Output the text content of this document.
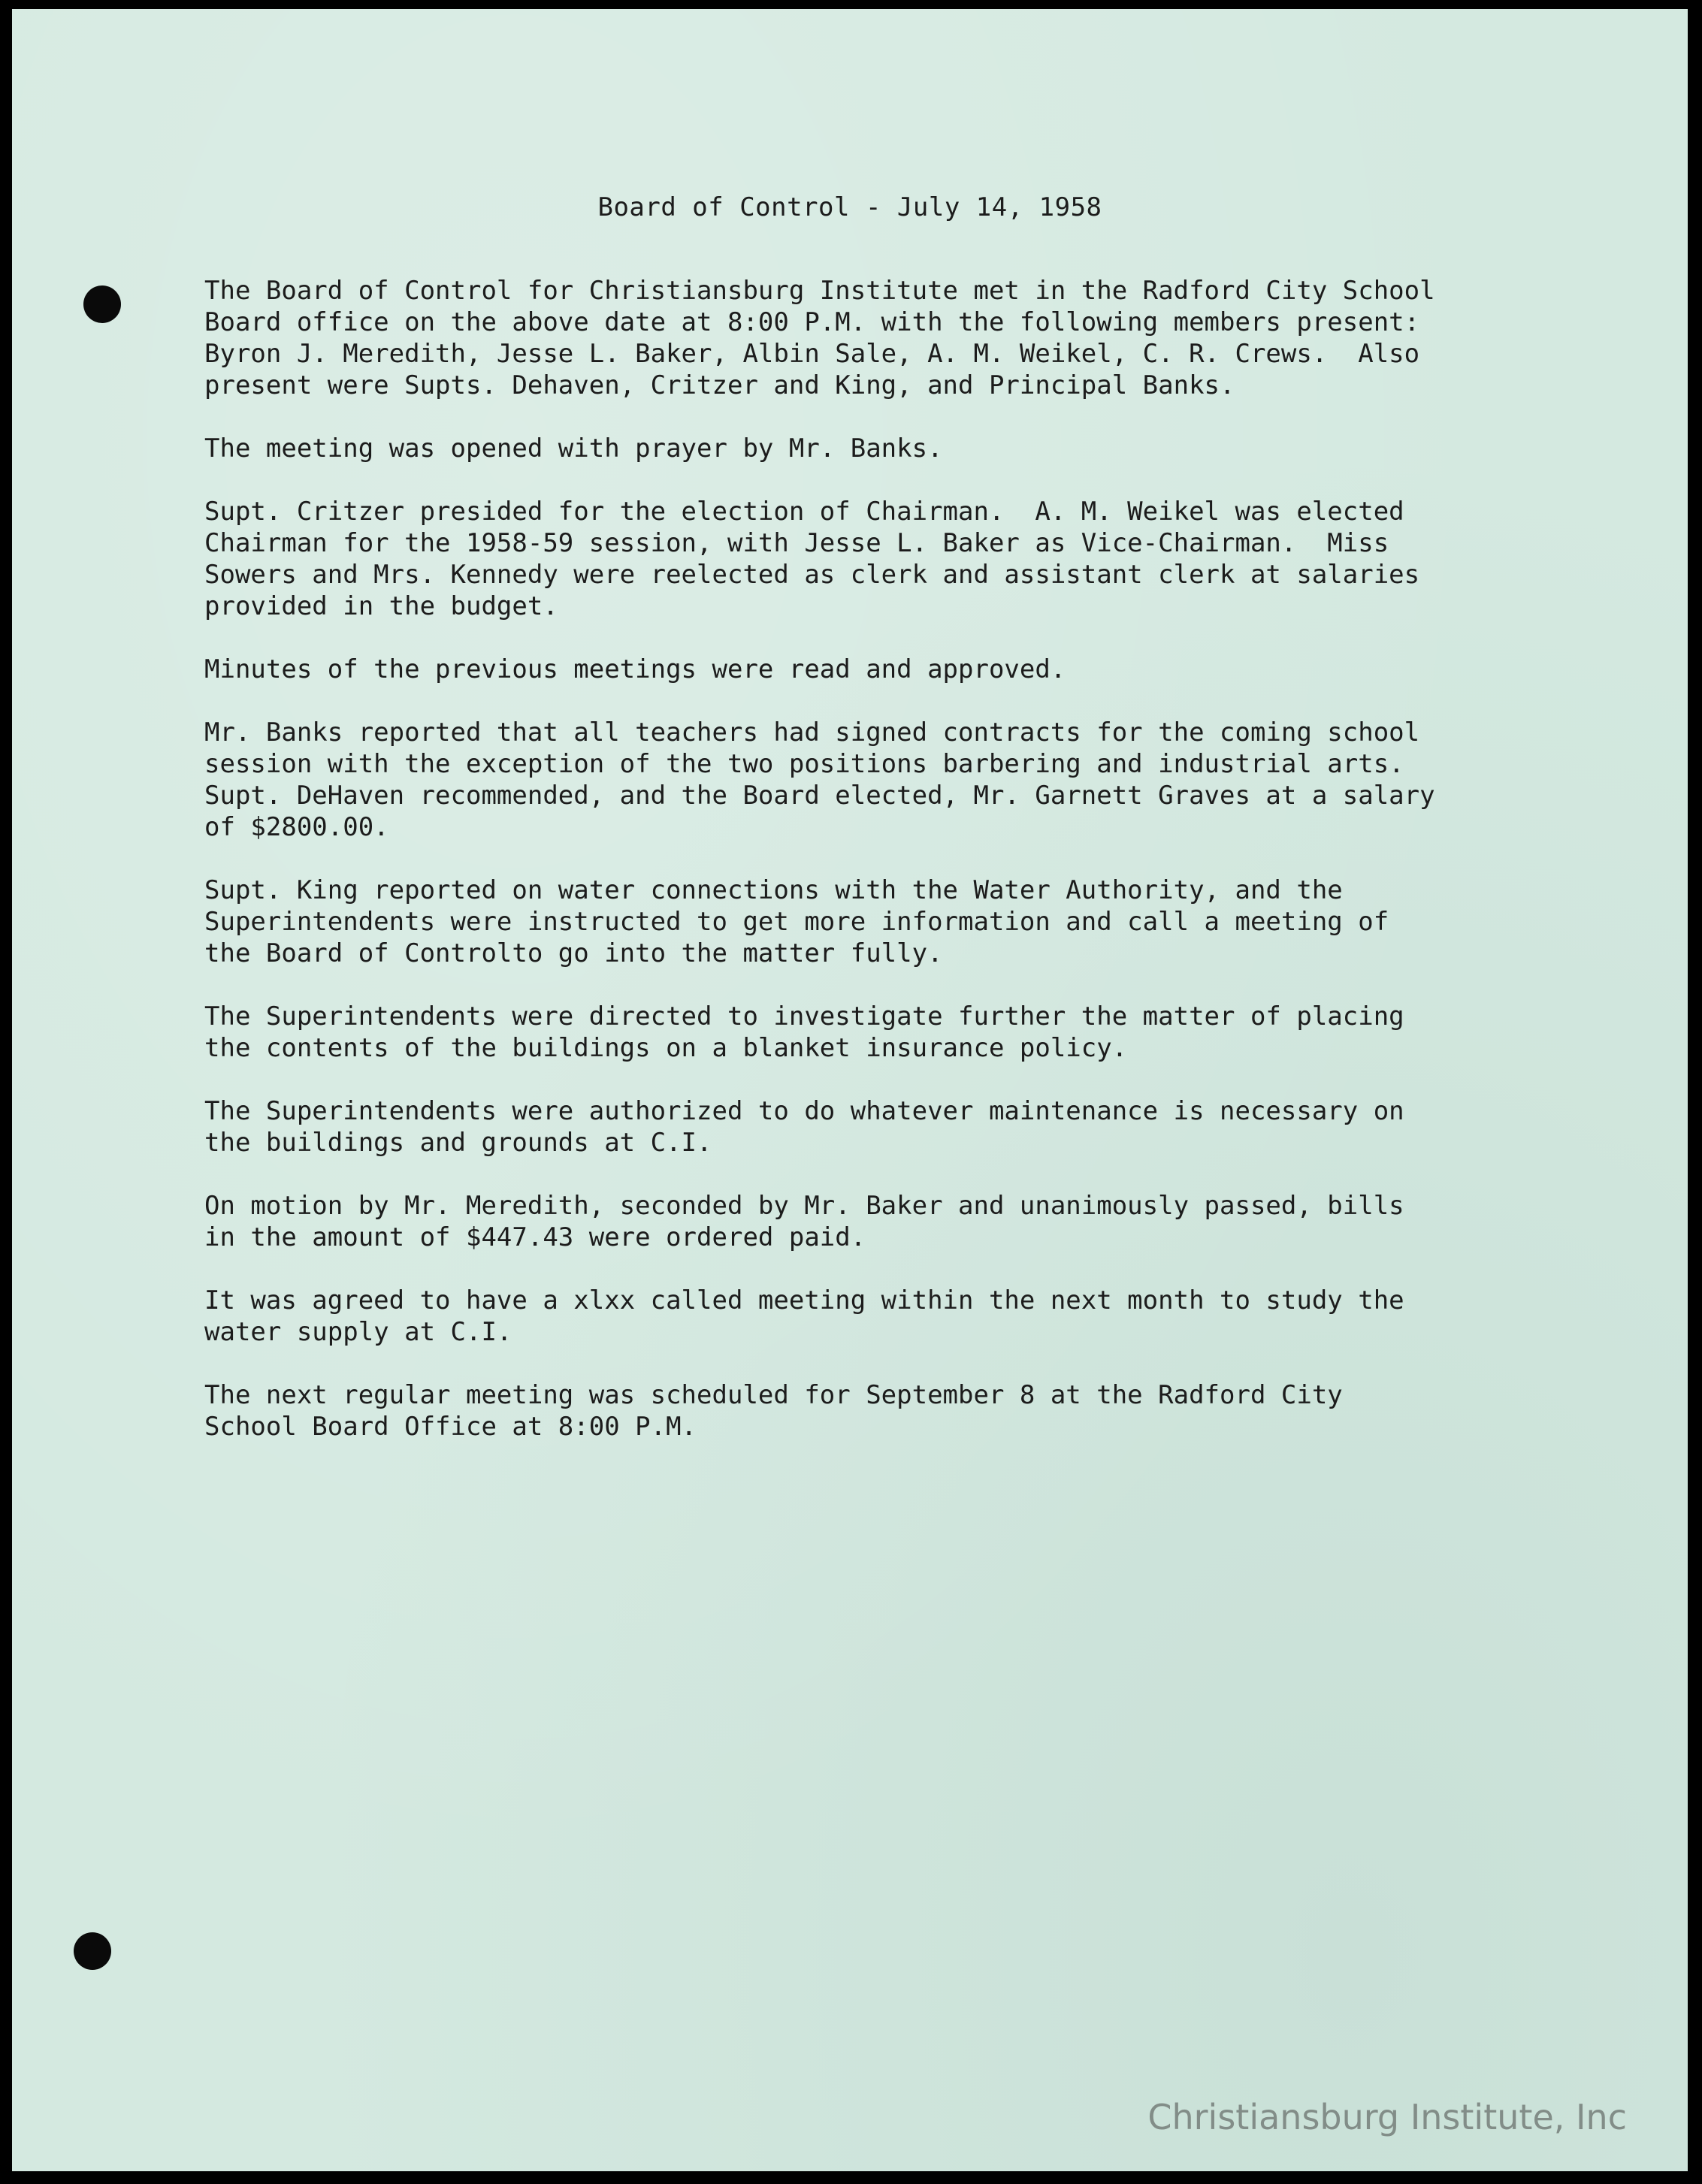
Board of Control - July 14, 1958

The Board of Control for Christiansburg Institute met in the Radford City School
Board office on the above date at 8:00 P.M. with the following members present:
Byron J. Meredith, Jesse L. Baker, Albin Sale, A. M. Weikel, C. R. Crews.  Also
present were Supts. Dehaven, Critzer and King, and Principal Banks.

The meeting was opened with prayer by Mr. Banks.

Supt. Critzer presided for the election of Chairman.  A. M. Weikel was elected
Chairman for the 1958-59 session, with Jesse L. Baker as Vice-Chairman.  Miss
Sowers and Mrs. Kennedy were reelected as clerk and assistant clerk at salaries
provided in the budget.

Minutes of the previous meetings were read and approved.

Mr. Banks reported that all teachers had signed contracts for the coming school
session with the exception of the two positions barbering and industrial arts.
Supt. DeHaven recommended, and the Board elected, Mr. Garnett Graves at a salary
of $2800.00.

Supt. King reported on water connections with the Water Authority, and the
Superintendents were instructed to get more information and call a meeting of
the Board of Controlto go into the matter fully.

The Superintendents were directed to investigate further the matter of placing
the contents of the buildings on a blanket insurance policy.

The Superintendents were authorized to do whatever maintenance is necessary on
the buildings and grounds at C.I.

On motion by Mr. Meredith, seconded by Mr. Baker and unanimously passed, bills
in the amount of $447.43 were ordered paid.

It was agreed to have a xlxx called meeting within the next month to study the
water supply at C.I.

The next regular meeting was scheduled for September 8 at the Radford City
School Board Office at 8:00 P.M.

Christiansburg Institute, Inc
